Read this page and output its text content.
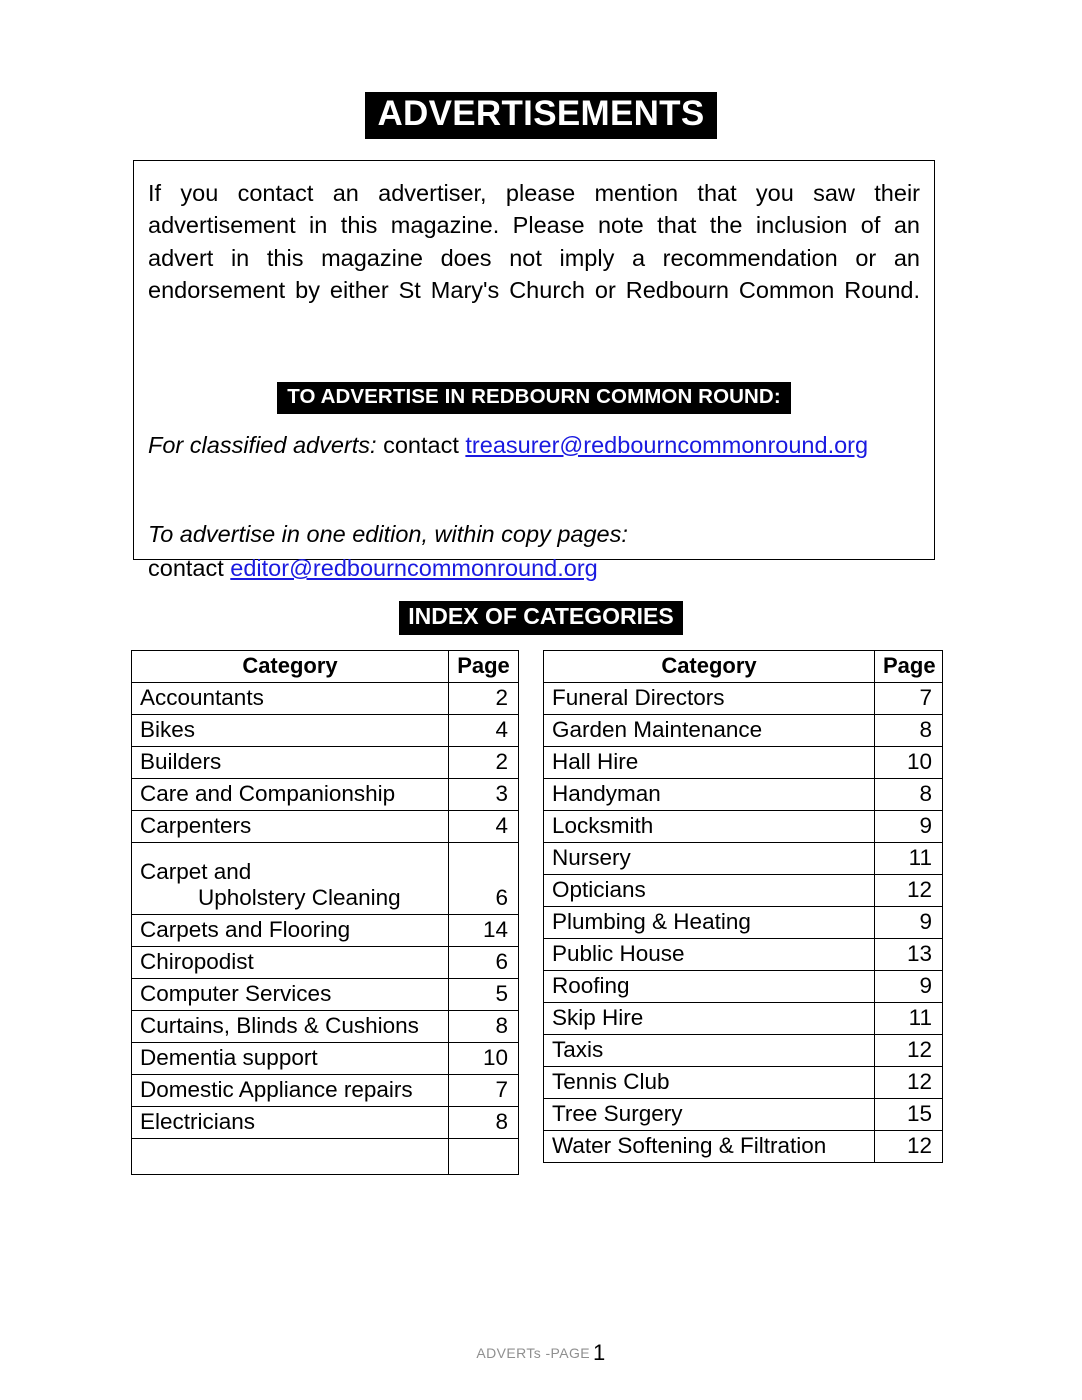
ADVERTISEMENTS

If you contact an advertiser, please mention that you saw their advertisement in this magazine. Please note that the inclusion of an advert in this magazine does not imply a recommendation or an endorsement by either St Mary's Church or Redbourn Common Round.

TO ADVERTISE IN REDBOURN COMMON ROUND:
For classified adverts: contact treasurer@redbourncommonround.org
To advertise in one edition, within copy pages:
contact editor@redbourncommonround.org
INDEX OF CATEGORIES
Category	Page
Accountants	2
Bikes	4
Builders	2
Care and Companionship	3
Carpenters	4

Carpet and
Upholstery Cleaning	6
Carpets and Flooring	14
Chiropodist	6
Computer Services	5
Curtains, Blinds & Cushions	8
Dementia support	10
Domestic Appliance repairs	7
Electricians	8

Category	Page
Funeral Directors	7
Garden Maintenance	8
Hall Hire	10
Handyman	8
Locksmith	9
Nursery	11
Opticians	12
Plumbing & Heating	9
Public House	13
Roofing	9
Skip Hire	11
Taxis	12
Tennis Club	12
Tree Surgery	15
Water Softening & Filtration	12
ADVERTs -PAGE 1
